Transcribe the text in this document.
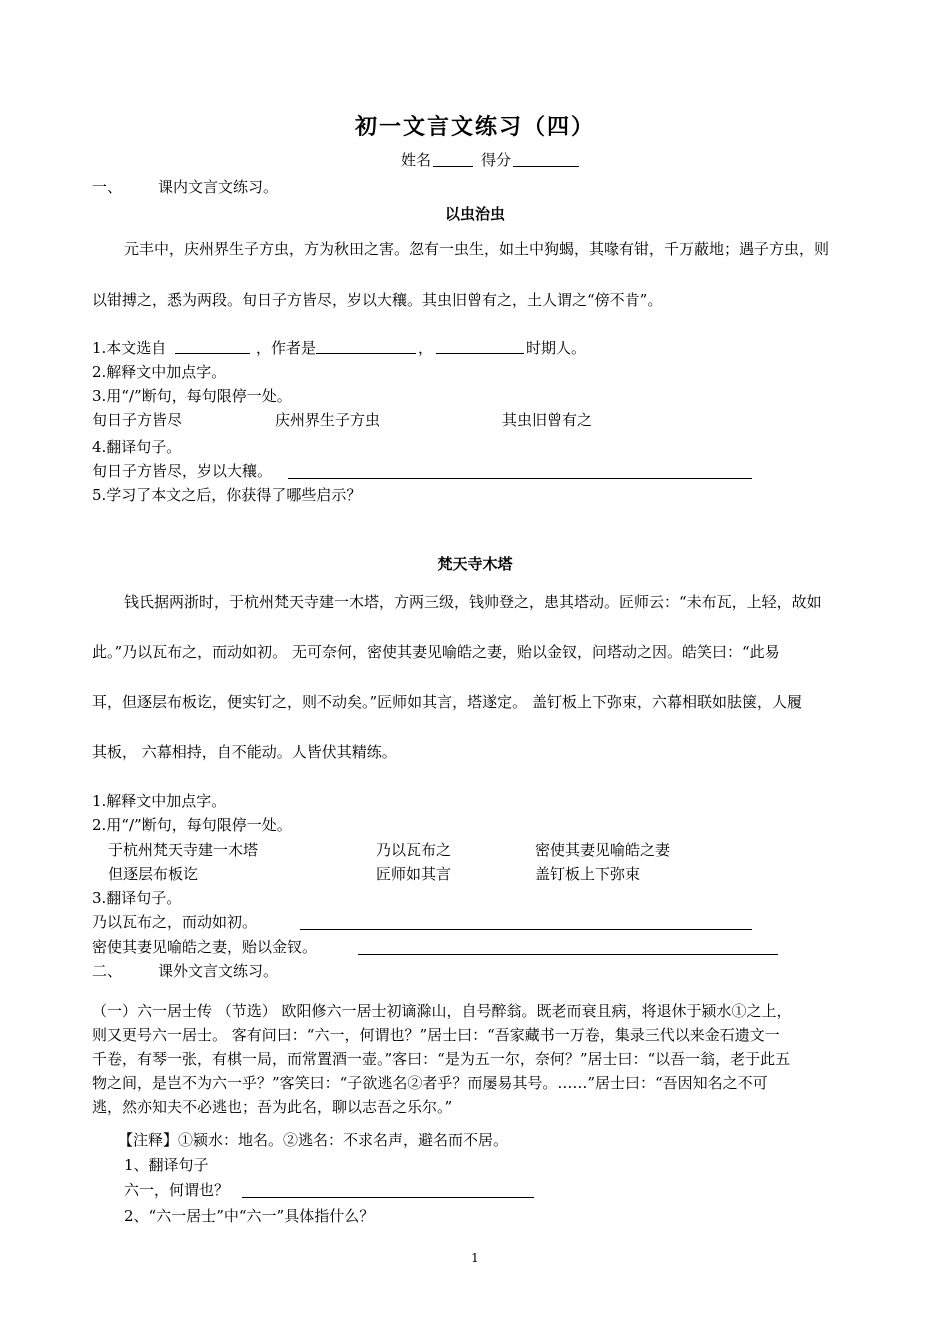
初一文言文练习（四）
姓名	得分
一、 课内文言文练习。
以虫治虫
元丰中，庆州界生子方虫，方为秋田之害。忽有一虫生，如土中狗蝎，其喙有钳，千万蔽地；遇子方虫，则
以钳搏之，悉为两段。旬日子方皆尽，岁以大穰。其虫旧曾有之，土人谓之“傍不肯”。
1.本文选自	，作者是	，	时期人。
2.解释文中加点字。
3.用“/”断句，每句限停一处。
旬日子方皆尽	庆州界生子方虫	其虫旧曾有之
4.翻译句子。
旬日子方皆尽，岁以大穰。
5.学习了本文之后，你获得了哪些启示？
梵天寺木塔
钱氏据两浙时，于杭州梵天寺建一木塔，方两三级，钱帅登之，患其塔动。匠师云：“未布瓦，上轻，故如
此。”乃以瓦布之，而动如初。 无可奈何，密使其妻见喻皓之妻，贻以金钗，问塔动之因。皓笑曰：“此易
耳，但逐层布板讫，便实钉之，则不动矣。”匠师如其言，塔遂定。 盖钉板上下弥束，六幕相联如胠箧，人履
其板， 六幕相持，自不能动。人皆伏其精练。
1.解释文中加点字。
2.用“/”断句，每句限停一处。
于杭州梵天寺建一木塔	乃以瓦布之	密使其妻见喻皓之妻
但逐层布板讫	匠师如其言	盖钉板上下弥束
3.翻译句子。
乃以瓦布之，而动如初。
密使其妻见喻皓之妻，贻以金钗。
二、 课外文言文练习。
（一）六一居士传 （节选） 欧阳修六一居士初谪滁山，自号醉翁。既老而衰且病，将退休于颍水①之上，
则又更号六一居士。 客有问曰：“六一，何谓也？”居士曰：“吾家藏书一万卷，集录三代以来金石遗文一
千卷，有琴一张，有棋一局，而常置酒一壶。”客曰：“是为五一尔，奈何？”居士曰：“以吾一翁，老于此五
物之间，是岂不为六一乎？”客笑曰：“子欲逃名②者乎？而屡易其号。……”居士曰：“吾因知名之不可
逃，然亦知夫不必逃也；吾为此名，聊以志吾之乐尔。”
【注释】①颍水：地名。②逃名：不求名声，避名而不居。
1、翻译句子
六一，何谓也？
2、“六一居士”中“六一”具体指什么？
1
